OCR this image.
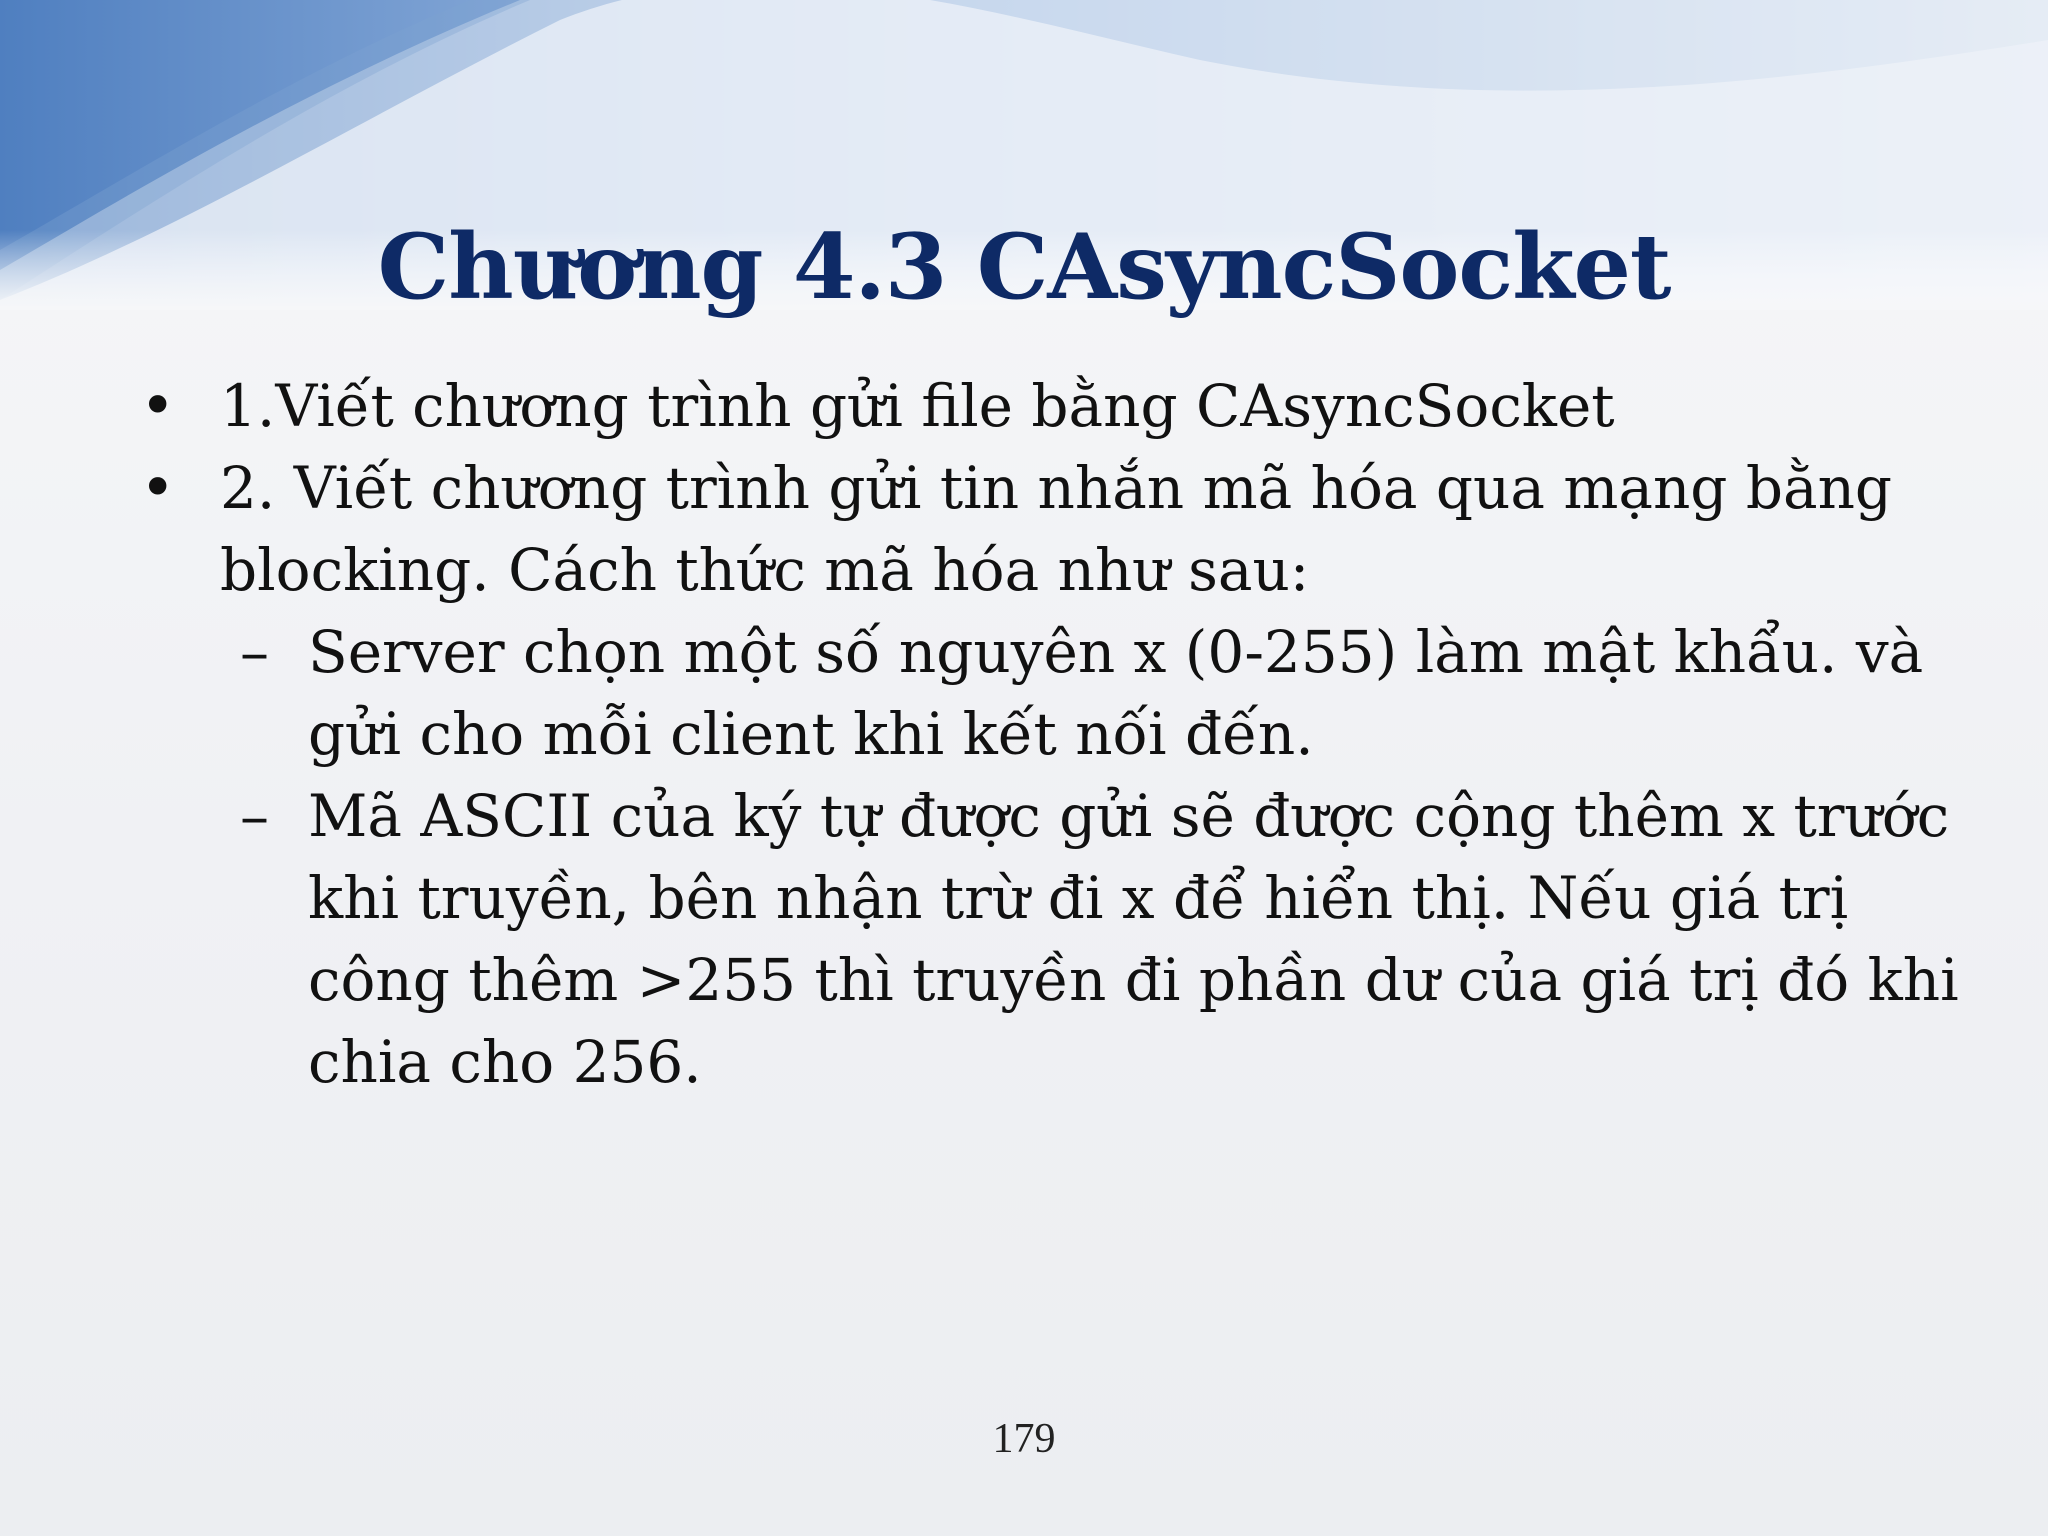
Chương 4.3 CAsyncSocket
• 1.Viết chương trình gửi file bằng CAsyncSocket
• 2. Viết chương trình gửi tin nhắn mã hóa qua mạng bằng blocking. Cách thức mã hóa như sau:
– Server chọn một số nguyên x (0-255) làm mật khẩu. và gửi cho mỗi client khi kết nối đến.
– Mã ASCII của ký tự được gửi sẽ được cộng thêm x trước khi truyền, bên nhận trừ đi x để hiển thị. Nếu giá trị công thêm >255 thì truyền đi phần dư của giá trị đó khi chia cho 256.
179
